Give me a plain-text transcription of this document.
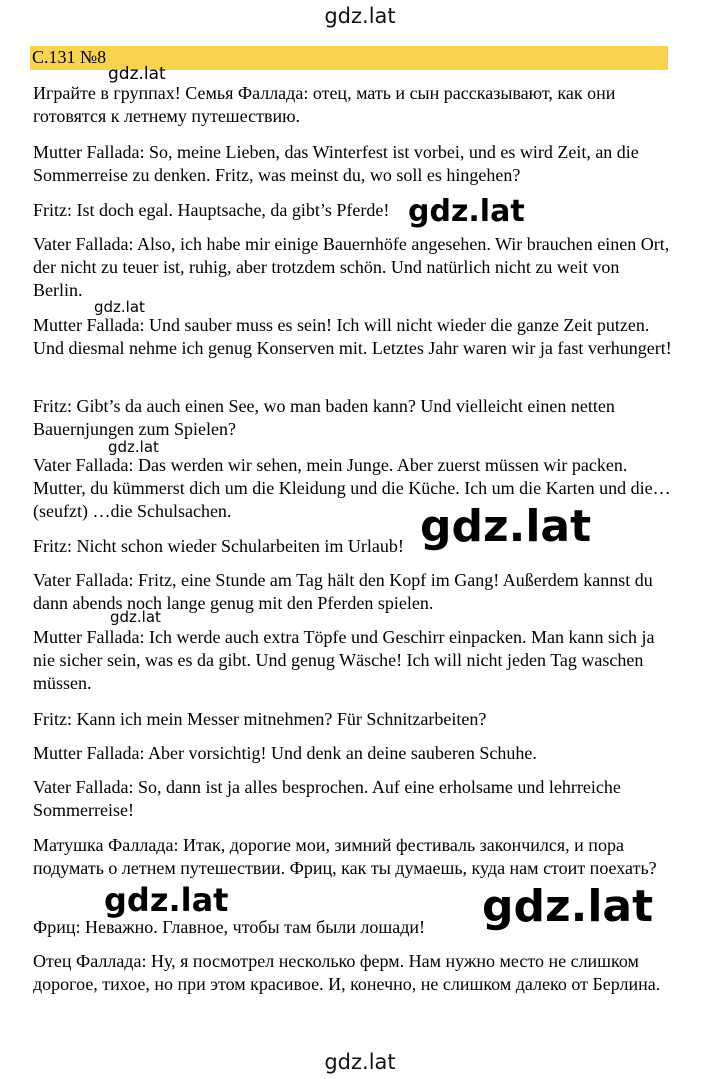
gdz.lat
С.131 №8

Играйте в группах! Семья Фаллада: отец, мать и сын рассказывают, как они готовятся к летнему путешествию.

Mutter Fallada: So, meine Lieben, das Winterfest ist vorbei, und es wird Zeit, an die Sommerreise zu denken. Fritz, was meinst du, wo soll es hingehen?

Fritz: Ist doch egal. Hauptsache, da gibt’s Pferde!

Vater Fallada: Also, ich habe mir einige Bauernhöfe angesehen. Wir brauchen einen Ort, der nicht zu teuer ist, ruhig, aber trotzdem schön. Und natürlich nicht zu weit von Berlin.

Mutter Fallada: Und sauber muss es sein! Ich will nicht wieder die ganze Zeit putzen. Und diesmal nehme ich genug Konserven mit. Letztes Jahr waren wir ja fast verhungert!

Fritz: Gibt’s da auch einen See, wo man baden kann? Und vielleicht einen netten Bauernjungen zum Spielen?

Vater Fallada: Das werden wir sehen, mein Junge. Aber zuerst müssen wir packen. Mutter, du kümmerst dich um die Kleidung und die Küche. Ich um die Karten und die… (seufzt) …die Schulsachen.

Fritz: Nicht schon wieder Schularbeiten im Urlaub!

Vater Fallada: Fritz, eine Stunde am Tag hält den Kopf im Gang! Außerdem kannst du dann abends noch lange genug mit den Pferden spielen.

Mutter Fallada: Ich werde auch extra Töpfe und Geschirr einpacken. Man kann sich ja nie sicher sein, was es da gibt. Und genug Wäsche! Ich will nicht jeden Tag waschen müssen.

Fritz: Kann ich mein Messer mitnehmen? Für Schnitzarbeiten?

Mutter Fallada: Aber vorsichtig! Und denk an deine sauberen Schuhe.

Vater Fallada: So, dann ist ja alles besprochen. Auf eine erholsame und lehrreiche Sommerreise!

Матушка Фаллада: Итак, дорогие мои, зимний фестиваль закончился, и пора подумать о летнем путешествии. Фриц, как ты думаешь, куда нам стоит поехать?

Фриц: Неважно. Главное, чтобы там были лошади!

Отец Фаллада: Ну, я посмотрел несколько ферм. Нам нужно место не слишком дорогое, тихое, но при этом красивое. И, конечно, не слишком далеко от Берлина.

gdz.lat
gdz.lat
gdz.lat
gdz.lat
gdz.lat
gdz.lat
gdz.lat	gdz.lat
gdz.lat
